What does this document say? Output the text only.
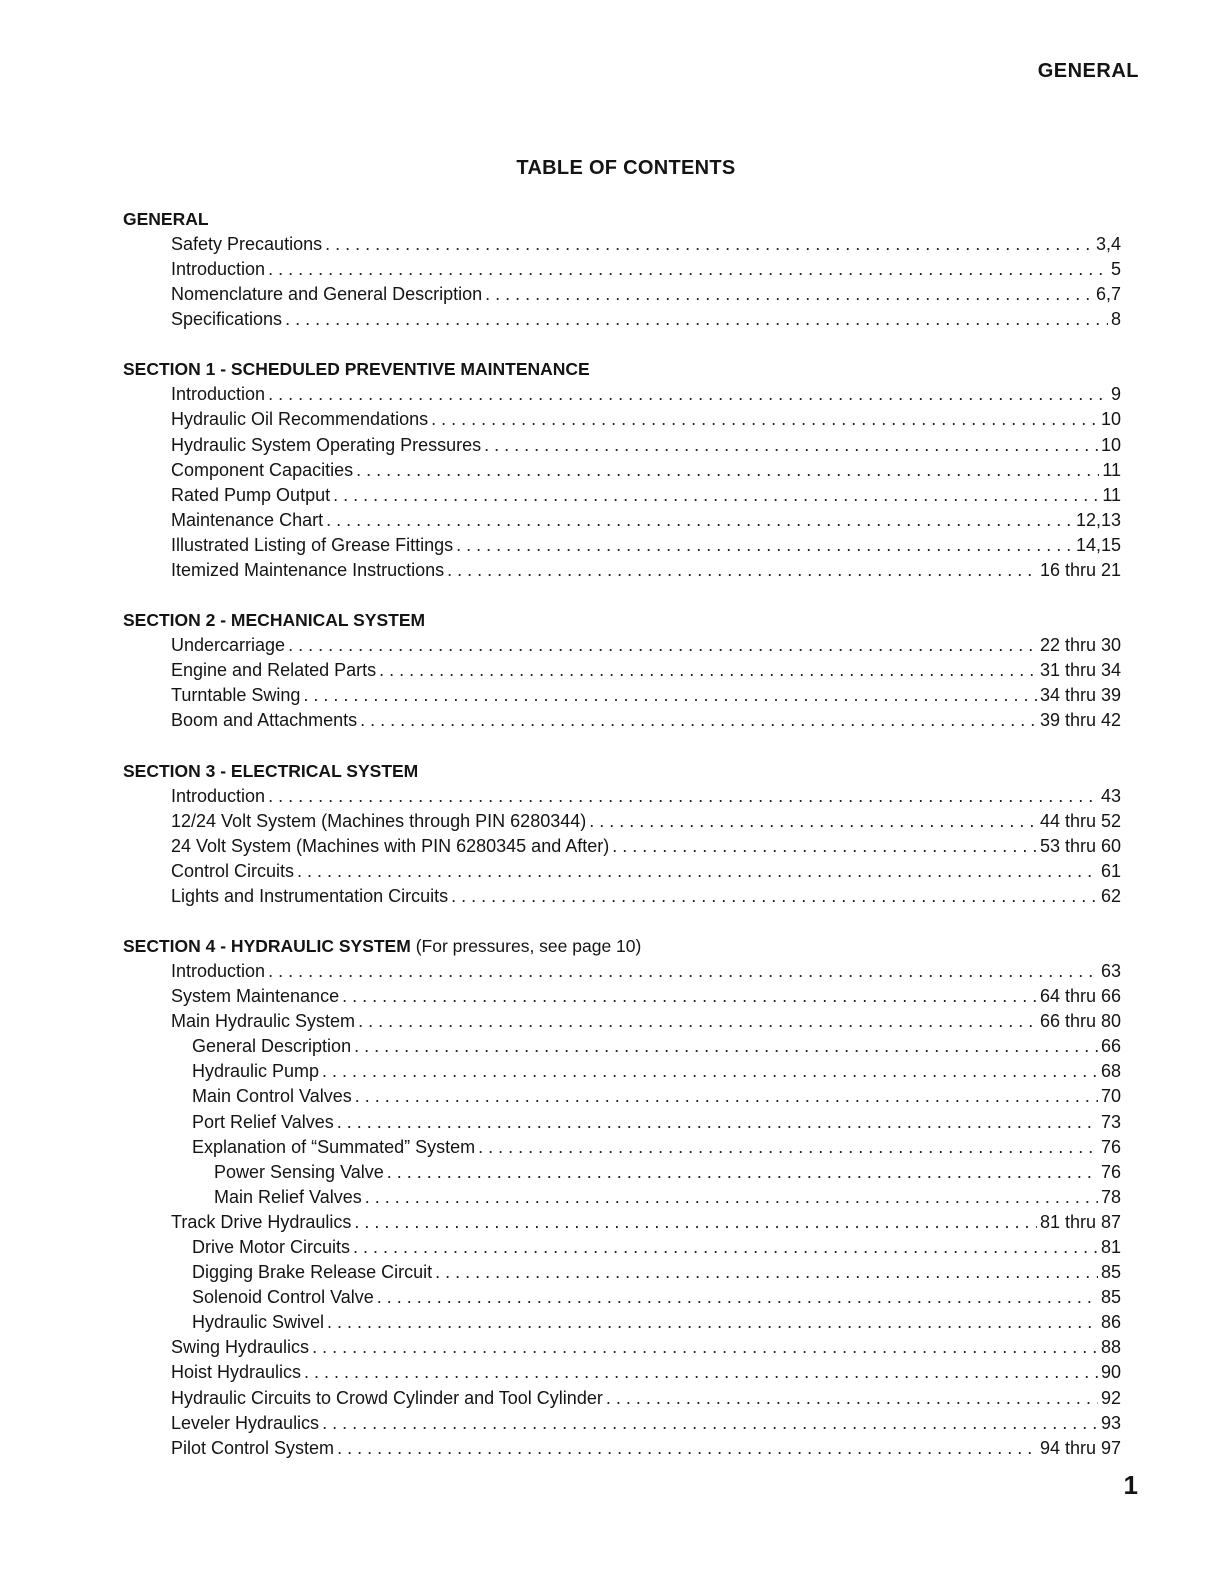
GENERAL
TABLE OF CONTENTS
GENERAL
Safety Precautions . . .	3,4
Introduction . . .	5
Nomenclature and General Description . . .	6,7
Specifications . . .	8
SECTION 1 - SCHEDULED PREVENTIVE MAINTENANCE
Introduction . . .	9
Hydraulic Oil Recommendations . . .	10
Hydraulic System Operating Pressures . . .	10
Component Capacities . . .	11
Rated Pump Output . . .	11
Maintenance Chart . . .	12,13
Illustrated Listing of Grease Fittings . . .	14,15
Itemized Maintenance Instructions . . .	16 thru 21
SECTION 2 - MECHANICAL SYSTEM
Undercarriage . . .	22 thru 30
Engine and Related Parts . . .	31 thru 34
Turntable Swing . . .	34 thru 39
Boom and Attachments . . .	39 thru 42
SECTION 3 - ELECTRICAL SYSTEM
Introduction . . .	43
12/24 Volt System (Machines through PIN 6280344) . . .	44 thru 52
24 Volt System (Machines with PIN 6280345 and After) . . .	53 thru 60
Control Circuits . . .	61
Lights and Instrumentation Circuits . . .	62
SECTION 4 - HYDRAULIC SYSTEM (For pressures, see page 10)
Introduction . . .	63
System Maintenance . . .	64 thru 66
Main Hydraulic System . . .	66 thru 80
General Description . . .	66
Hydraulic Pump . . .	68
Main Control Valves . . .	70
Port Relief Valves . . .	73
Explanation of “Summated” System . . .	76
Power Sensing Valve . . .	76
Main Relief Valves . . .	78
Track Drive Hydraulics . . .	81 thru 87
Drive Motor Circuits . . .	81
Digging Brake Release Circuit . . .	85
Solenoid Control Valve . . .	85
Hydraulic Swivel . . .	86
Swing Hydraulics . . .	88
Hoist Hydraulics . . .	90
Hydraulic Circuits to Crowd Cylinder and Tool Cylinder . . .	92
Leveler Hydraulics . . .	93
Pilot Control System . . .	94 thru 97
1
